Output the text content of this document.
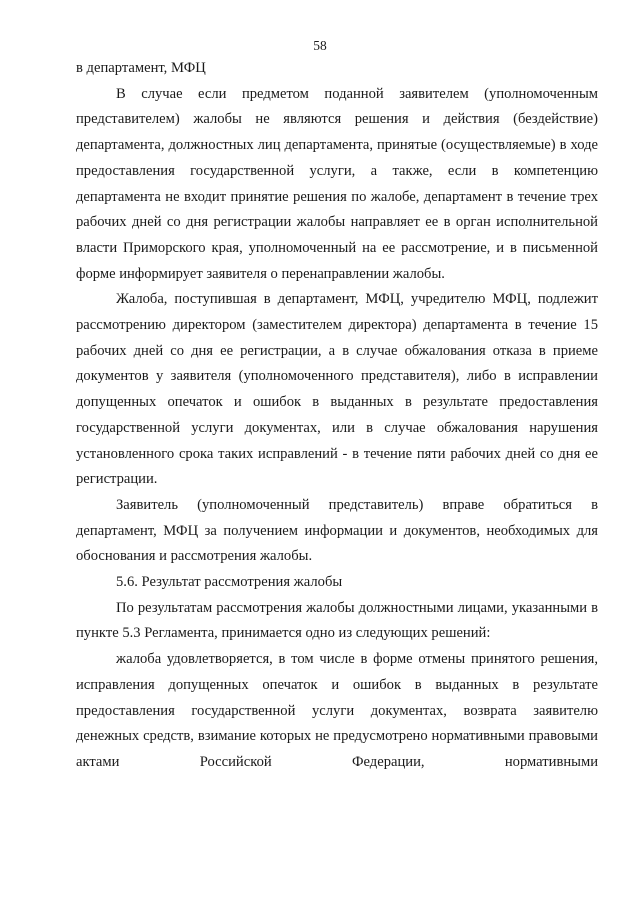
58

в департамент, МФЦ

В случае если предметом поданной заявителем (уполномоченным представителем) жалобы не являются решения и действия (бездействие) департамента, должностных лиц департамента, принятые (осуществляемые) в ходе предоставления государственной услуги, а также, если в компетенцию департамента не входит принятие решения по жалобе, департамент в течение трех рабочих дней со дня регистрации жалобы направляет ее в орган исполнительной власти Приморского края, уполномоченный на ее рассмотрение, и в письменной форме информирует заявителя о перенаправлении жалобы.

Жалоба, поступившая в департамент, МФЦ, учредителю МФЦ, подлежит рассмотрению директором (заместителем директора) департамента в течение 15 рабочих дней со дня ее регистрации, а в случае обжалования отказа в приеме документов у заявителя (уполномоченного представителя), либо в исправлении допущенных опечаток и ошибок в выданных в результате предоставления государственной услуги документах, или в случае обжалования нарушения установленного срока таких исправлений - в течение пяти рабочих дней со дня ее регистрации.

Заявитель (уполномоченный представитель) вправе обратиться в департамент, МФЦ за получением информации и документов, необходимых для обоснования и рассмотрения жалобы.

5.6. Результат рассмотрения жалобы

По результатам рассмотрения жалобы должностными лицами, указанными в пункте 5.3 Регламента, принимается одно из следующих решений:

жалоба удовлетворяется, в том числе в форме отмены принятого решения, исправления допущенных опечаток и ошибок в выданных в результате предоставления государственной услуги документах, возврата заявителю денежных средств, взимание которых не предусмотрено нормативными правовыми актами Российской Федерации, нормативными
